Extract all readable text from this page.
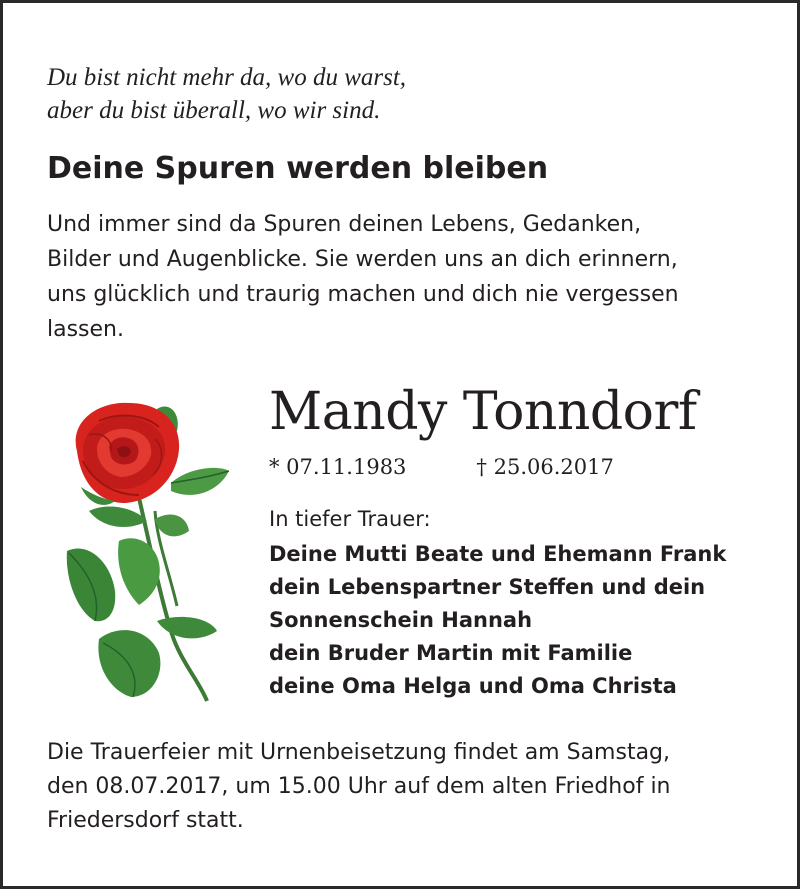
Du bist nicht mehr da, wo du warst,
aber du bist überall, wo wir sind.
Deine Spuren werden bleiben
Und immer sind da Spuren deinen Lebens, Gedanken,
Bilder und Augenblicke. Sie werden uns an dich erinnern,
uns glücklich und traurig machen und dich nie vergessen
lassen.
Mandy Tonndorf
* 07.11.1983	† 25.06.2017
In tiefer Trauer:
Deine Mutti Beate und Ehemann Frank
dein Lebenspartner Steffen und dein
Sonnenschein Hannah
dein Bruder Martin mit Familie
deine Oma Helga und Oma Christa
Die Trauerfeier mit Urnenbeisetzung findet am Samstag,
den 08.07.2017, um 15.00 Uhr auf dem alten Friedhof in
Friedersdorf statt.
